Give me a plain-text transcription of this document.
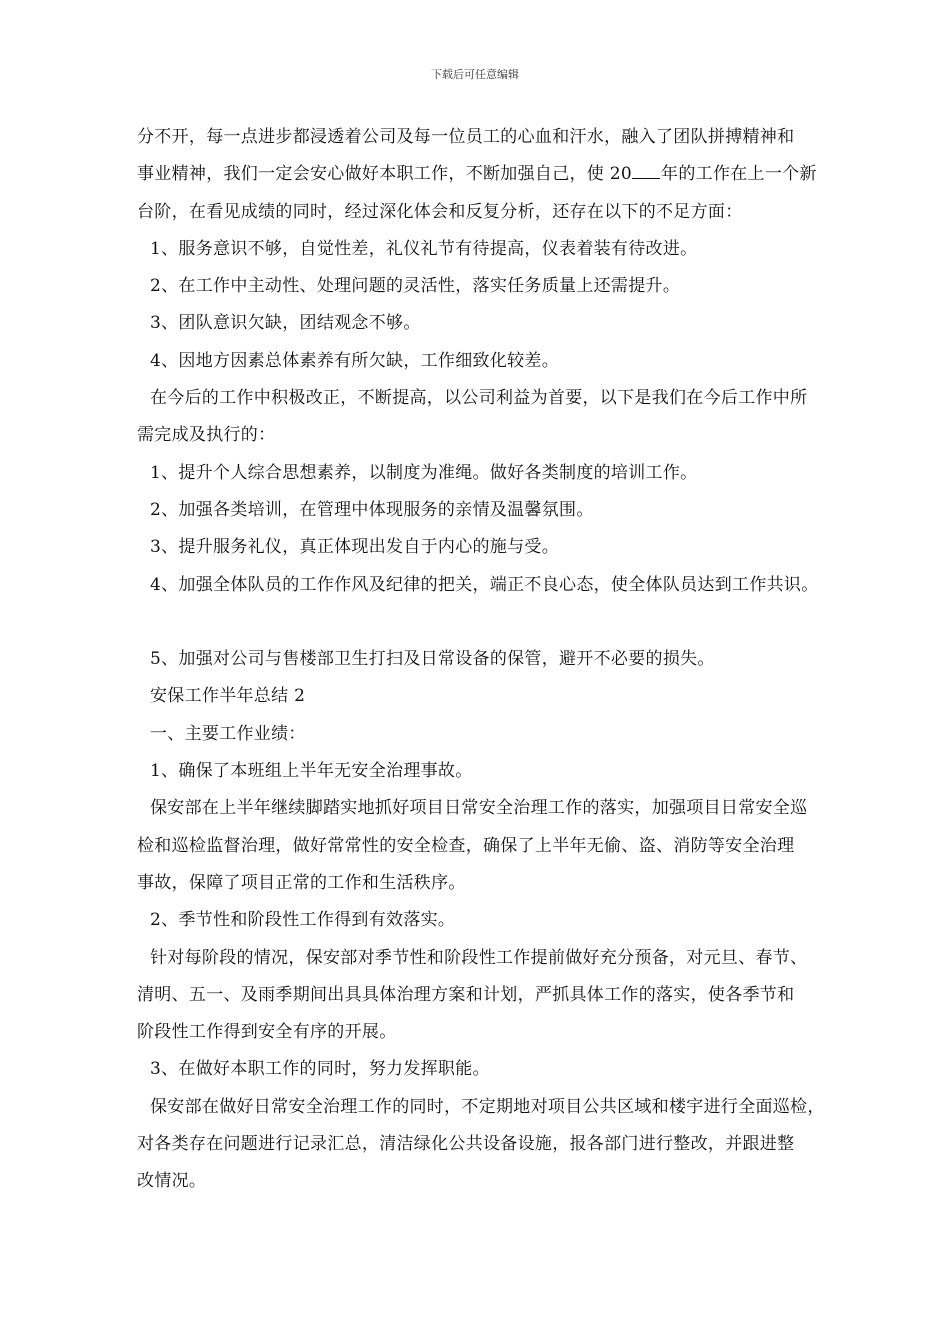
下载后可任意编辑
分不开，每一点进步都浸透着公司及每一位员工的心血和汗水，融入了团队拼搏精神和
事业精神，我们一定会安心做好本职工作，不断加强自己，使 20 年的工作在上一个新
台阶，在看见成绩的同时，经过深化体会和反复分析，还存在以下的不足方面：
1、服务意识不够，自觉性差，礼仪礼节有待提高，仪表着装有待改进。
2、在工作中主动性、处理问题的灵活性，落实任务质量上还需提升。
3、团队意识欠缺，团结观念不够。
4、因地方因素总体素养有所欠缺，工作细致化较差。
在今后的工作中积极改正，不断提高，以公司利益为首要，以下是我们在今后工作中所
需完成及执行的：
1、提升个人综合思想素养，以制度为准绳。做好各类制度的培训工作。
2、加强各类培训，在管理中体现服务的亲情及温馨氛围。
3、提升服务礼仪，真正体现出发自于内心的施与受。
4、加强全体队员的工作作风及纪律的把关，端正不良心态，使全体队员达到工作共识。
5、加强对公司与售楼部卫生打扫及日常设备的保管，避开不必要的损失。
安保工作半年总结 2
一、主要工作业绩：
1、确保了本班组上半年无安全治理事故。
保安部在上半年继续脚踏实地抓好项目日常安全治理工作的落实，加强项目日常安全巡
检和巡检监督治理，做好常常性的安全检查，确保了上半年无偷、盗、消防等安全治理
事故，保障了项目正常的工作和生活秩序。
2、季节性和阶段性工作得到有效落实。
针对每阶段的情况，保安部对季节性和阶段性工作提前做好充分预备，对元旦、春节、
清明、五一、及雨季期间出具具体治理方案和计划，严抓具体工作的落实，使各季节和
阶段性工作得到安全有序的开展。
3、在做好本职工作的同时，努力发挥职能。
保安部在做好日常安全治理工作的同时，不定期地对项目公共区域和楼宇进行全面巡检，
对各类存在问题进行记录汇总，清洁绿化公共设备设施，报各部门进行整改，并跟进整
改情况。
